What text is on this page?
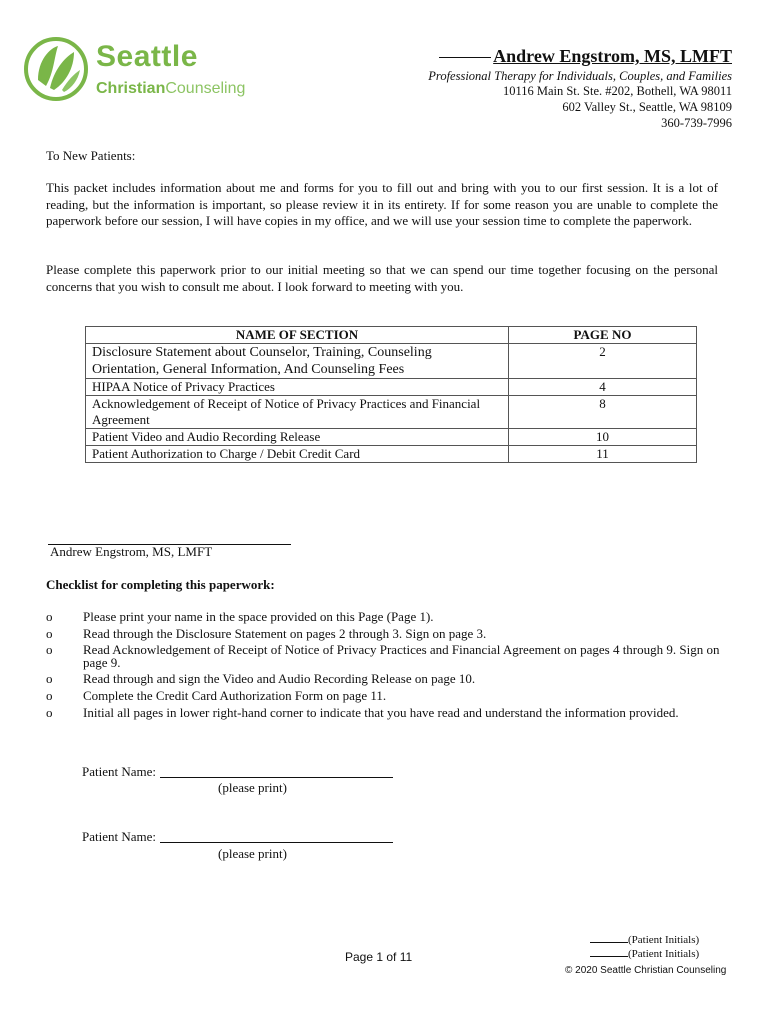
Seattle
ChristianCounseling
Andrew Engstrom, MS, LMFT
Professional Therapy for Individuals, Couples, and Families
10116 Main St. Ste. #202, Bothell, WA 98011
602 Valley St., Seattle, WA 98109
360-739-7996
To New Patients:
This packet includes information about me and forms for you to fill out and bring with you to our first session. It is a lot of reading, but the information is important, so please review it in its entirety. If for some reason you are unable to complete the paperwork before our session, I will have copies in my office, and we will use your session time to complete the paperwork.
Please complete this paperwork prior to our initial meeting so that we can spend our time together focusing on the personal concerns that you wish to consult me about. I look forward to meeting with you.
NAME OF SECTION	PAGE NO
Disclosure Statement about Counselor, Training, Counseling Orientation, General Information, And Counseling Fees	2
HIPAA Notice of Privacy Practices	4
Acknowledgement of Receipt of Notice of Privacy Practices and Financial Agreement	8
Patient Video and Audio Recording Release	10
Patient Authorization to Charge / Debit Credit Card	11
Andrew Engstrom, MS, LMFT
Checklist for completing this paperwork:
o Please print your name in the space provided on this Page (Page 1).
o Read through the Disclosure Statement on pages 2 through 3. Sign on page 3.
o Read Acknowledgement of Receipt of Notice of Privacy Practices and Financial Agreement on pages 4 through 9. Sign on page 9.
o Read through and sign the Video and Audio Recording Release on page 10.
o Complete the Credit Card Authorization Form on page 11.
o Initial all pages in lower right-hand corner to indicate that you have read and understand the information provided.
Patient Name:
(please print)
Patient Name:
(please print)
Page 1 of 11
(Patient Initials)
(Patient Initials)
© 2020 Seattle Christian Counseling
